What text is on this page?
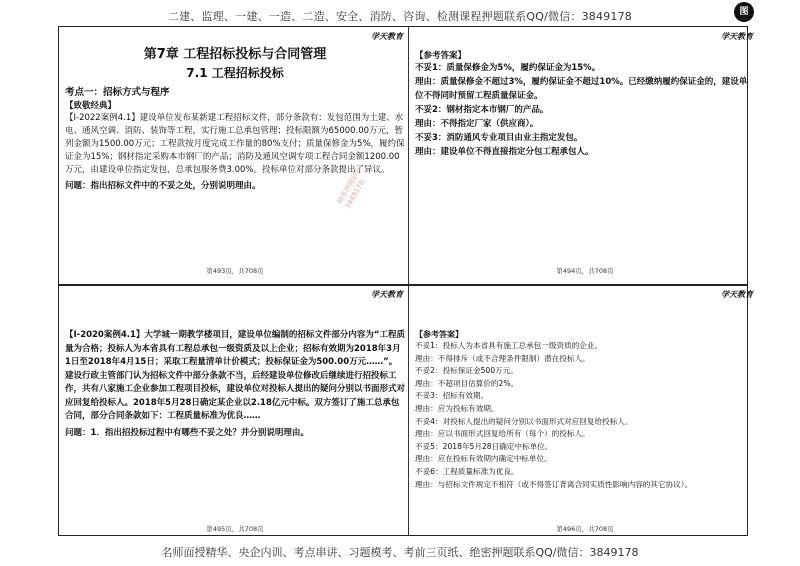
二建、监理、一建、一造、二造、安全、消防、咨询、检测课程押题联系QQ/微信：3849178	图
学天教育
第7章 工程招标投标与合同管理
7.1 工程招标投标
考点一：招标方式与程序
【致敬经典】
【Ⅰ-2022案例4.1】建设单位发布某新建工程招标文件，部分条款有：发包范围为土建、水电、通风空调、消防、装饰等工程，实行施工总承包管理；投标限额为65000.00万元，暂列金额为1500.00万元；工程款按月度完成工作量的80%支付；质量保修金为5%，履约保证金为15%；钢材指定采购本市钢厂的产品；消防及通风空调专项工程合同金额1200.00万元，由建设单位指定发包，总承包服务费3.00%。投标单位对部分条款提出了异议。
问题：指出招标文件中的不妥之处，分别说明理由。
第493页，共708页
精准押题联系3849178
学天教育
【参考答案】
不妥1：质量保修金为5%，履约保证金为15%。
理由：质量保修金不超过3%，履约保证金不超过10%。已经缴纳履约保证金的，建设单位不得同时预留工程质量保证金。
不妥2：钢材指定本市钢厂的产品。
理由：不得指定厂家（供应商）。
不妥3：消防通风专业项目由业主指定发包。
理由：建设单位不得直接指定分包工程承包人。
第494页，共708页
学天教育
【Ⅰ-2020案例4.1】大学城一期教学楼项目，建设单位编制的招标文件部分内容为“工程质量为合格；投标人为本省具有工程总承包一级资质及以上企业；招标有效期为2018年3月1日至2018年4月15日；采取工程量清单计价模式；投标保证金为500.00万元……”。建设行政主管部门认为招标文件中部分条款不当，后经建设单位修改后继续进行招投标工作，共有八家施工企业参加工程项目投标，建设单位对投标人提出的疑问分别以书面形式对应回复给投标人。2018年5月28日确定某企业以2.18亿元中标。双方签订了施工总承包合同，部分合同条款如下：工程质量标准为优良……
问题：1．指出招投标过程中有哪些不妥之处？并分别说明理由。
第495页，共708页
学天教育
【参考答案】
不妥1：投标人为本省具有施工总承包一级资质的企业。
理由：不得排斥（或不合理条件限制）潜在投标人。
不妥2：投标保证金500万元。
理由：不超项目估算价的2%。
不妥3：招标有效期。
理由：应为投标有效期。
不妥4：对投标人提出的疑问分别以书面形式对应回复给投标人。
理由：应以书面形式回复给所有（每个）的投标人。
不妥5：2018年5月28日确定中标单位。
理由：应在投标有效期内确定中标单位。
不妥6：工程质量标准为优良。
理由：与招标文件规定不相符（或不得签订背离合同实质性影响内容的其它协议）。
第496页，共708页
名师面授精华、央企内训、考点串讲、习题模考、考前三页纸、绝密押题联系QQ/微信：3849178
